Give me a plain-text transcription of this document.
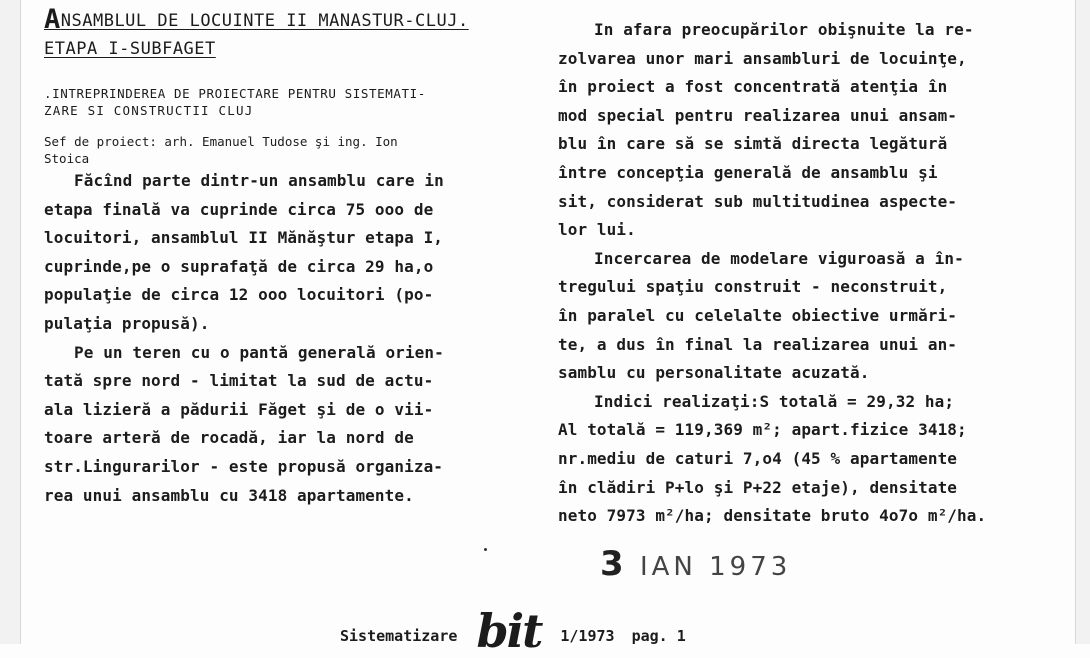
ANSAMBLUL DE LOCUINTE II MANASTUR-CLUJ.

ETAPA I-SUBFAGET

.INTREPRINDEREA DE PROIECTARE PENTRU SISTEMATI-
ZARE SI CONSTRUCTII CLUJ
Sef de proiect: arh. Emanuel Tudose şi ing. Ion
Stoica

Făcînd parte dintr-un ansamblu care in
etapa finală va cuprinde circa 75 ooo de
locuitori, ansamblul II Mănăştur etapa I,
cuprinde,pe o suprafaţă de circa 29 ha,o
populaţie de circa 12 ooo locuitori (po-
pulaţia propusă).

Pe un teren cu o pantă generală orien-
tată spre nord - limitat la sud de actu-
ala lizieră a pădurii Făget şi de o vii-
toare arteră de rocadă, iar la nord de
str.Lingurarilor - este propusă organiza-
rea unui ansamblu cu 3418 apartamente.

In afara preocupărilor obişnuite la re-
zolvarea unor mari ansambluri de locuinţe,
în proiect a fost concentrată atenţia în
mod special pentru realizarea unui ansam-
blu în care să se simtă directa legătură
între concepţia generală de ansamblu şi
sit, considerat sub multitudinea aspecte-
lor lui.

Incercarea de modelare viguroasă a în-
tregului spaţiu construit - neconstruit,
în paralel cu celelalte obiective urmări-
te, a dus în final la realizarea unui an-
samblu cu personalitate acuzată.

Indici realizaţi:S totală = 29,32 ha;
Al totală = 119,369 m²; apart.fizice 3418;
nr.mediu de caturi 7,o4 (45 % apartamente
în clădiri P+lo şi P+22 etaje), densitate
neto 7973 m²/ha; densitate bruto 4o7o m²/ha.

3 IAN 1973
Sistematizare bit 1/1973 pag. 1
